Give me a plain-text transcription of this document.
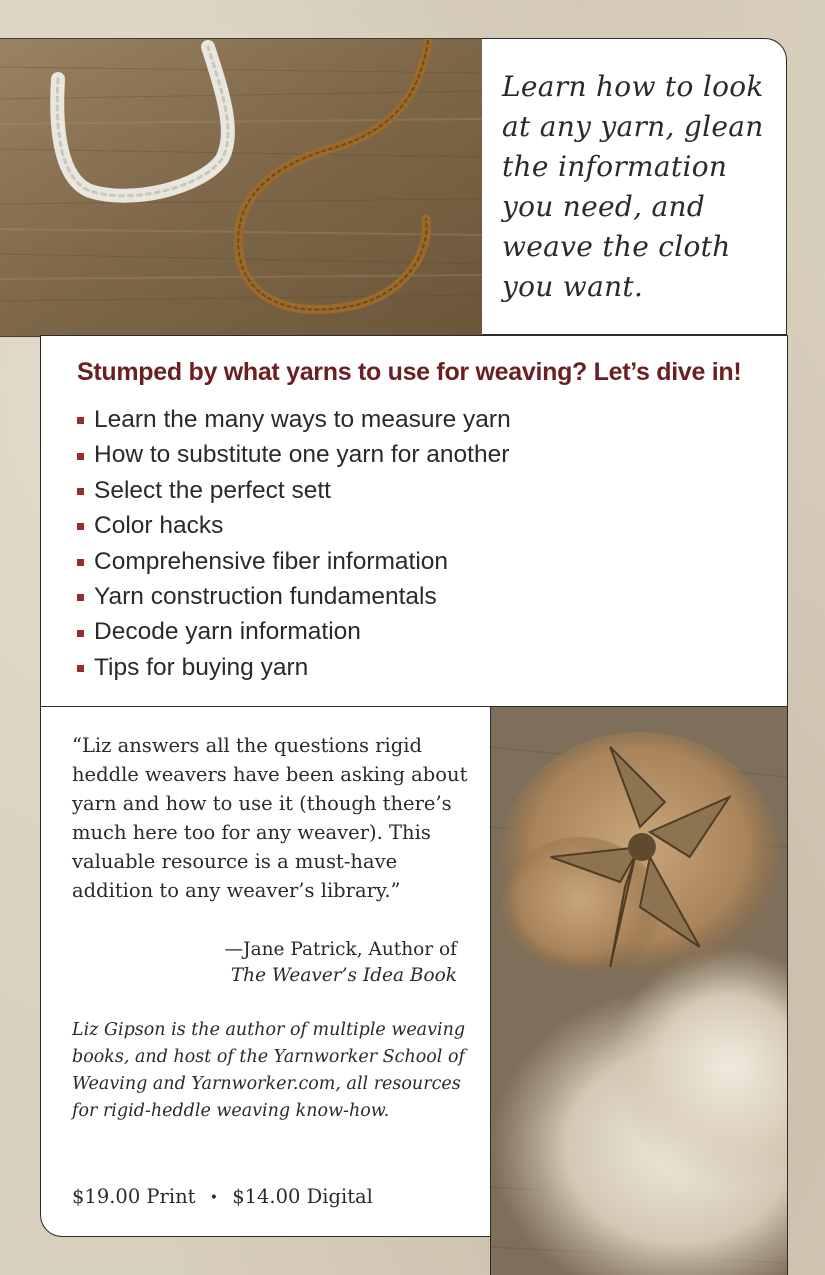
Learn how to look at any yarn, glean the information you need, and weave the cloth you want.

Stumped by what yarns to use for weaving? Let’s dive in!
Learn the many ways to measure yarn
How to substitute one yarn for another
Select the perfect sett
Color hacks
Comprehensive fiber information
Yarn construction fundamentals
Decode yarn information
Tips for buying yarn

“Liz answers all the questions rigid heddle weavers have been asking about yarn and how to use it (though there’s much here too for any weaver). This valuable resource is a must-have addition to any weaver’s library.”

—Jane Patrick, Author of
The Weaver’s Idea Book

Liz Gipson is the author of multiple weaving books, and host of the Yarnworker School of Weaving and Yarnworker.com, all resources for rigid-heddle weaving know-how.

$19.00 Print • $14.00 Digital
